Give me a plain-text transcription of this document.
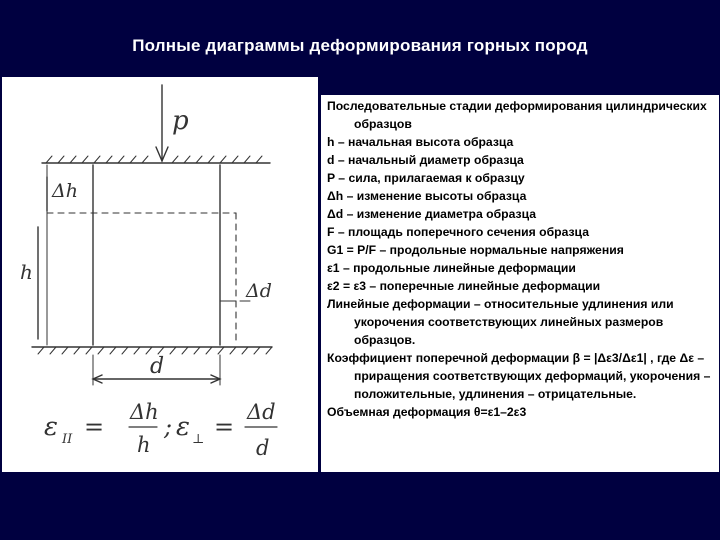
Полные диаграммы деформирования горных пород
p
Δh
h
Δd
d
ε II =
Δh
h
; ε ⊥ =
Δd
d

Последовательные стадии деформирования цилиндрических образцов

h – начальная высота образца

d – начальный диаметр образца

P – сила, прилагаемая к образцу

Δh – изменение высоты образца

Δd – изменение диаметра образца

F – площадь поперечного сечения образца

G1 = P/F – продольные нормальные напряжения

ε1 – продольные линейные деформации

ε2 = ε3 – поперечные линейные деформации

Линейные деформации – относительные удлинения или укорочения соответствующих линейных размеров образцов.

Коэффициент поперечной деформации β = |Δε3/Δε1| , где Δε – приращения соответствующих деформаций, укорочения – положительные, удлинения – отрицательные.

Объемная деформация θ=ε1–2ε3
